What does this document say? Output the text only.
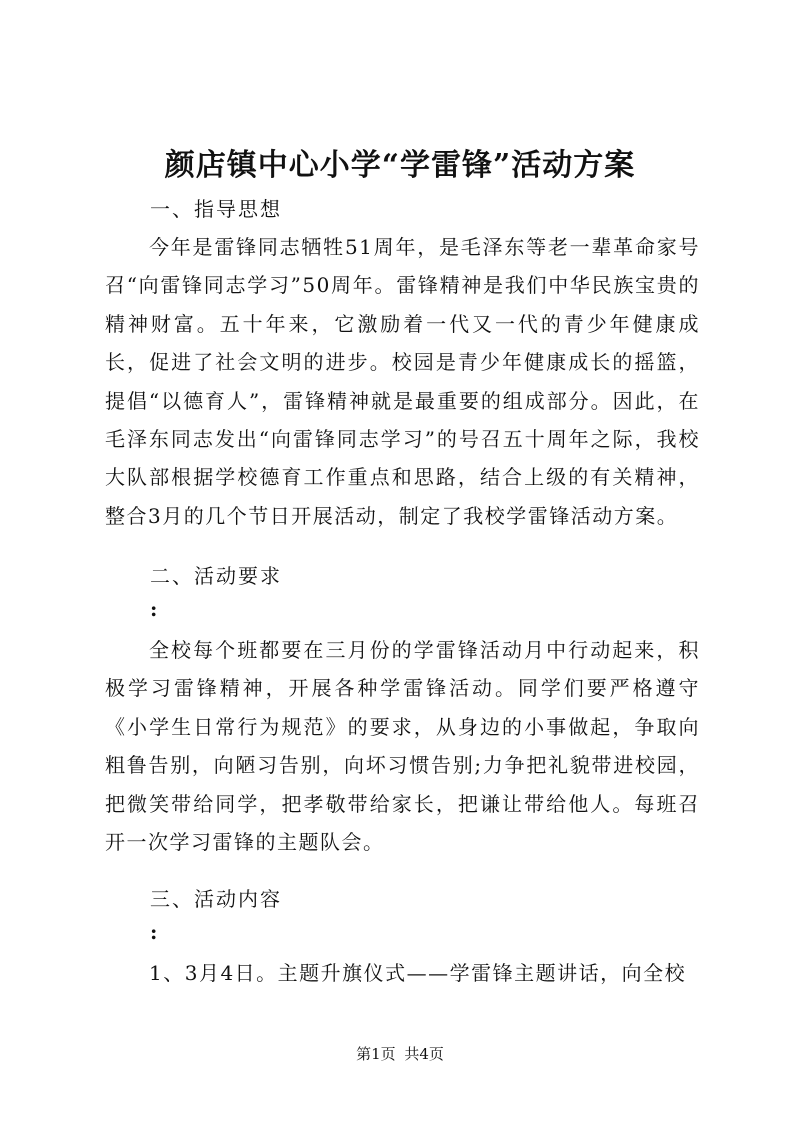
颜店镇中心小学“学雷锋”活动方案
一、指导思想

今年是雷锋同志牺牲51周年，是毛泽东等老一辈革命家号召“向雷锋同志学习”50周年。雷锋精神是我们中华民族宝贵的精神财富。五十年来，它激励着一代又一代的青少年健康成长，促进了社会文明的进步。校园是青少年健康成长的摇篮，提倡“以德育人”，雷锋精神就是最重要的组成部分。因此，在毛泽东同志发出“向雷锋同志学习”的号召五十周年之际，我校大队部根据学校德育工作重点和思路，结合上级的有关精神，整合3月的几个节日开展活动，制定了我校学雷锋活动方案。

二、活动要求
:

全校每个班都要在三月份的学雷锋活动月中行动起来，积极学习雷锋精神，开展各种学雷锋活动。同学们要严格遵守《小学生日常行为规范》的要求，从身边的小事做起，争取向粗鲁告别，向陋习告别，向坏习惯告别;力争把礼貌带进校园，把微笑带给同学，把孝敬带给家长，把谦让带给他人。每班召开一次学习雷锋的主题队会。

三、活动内容
:

1、3月4日。主题升旗仪式——学雷锋主题讲话，向全校

第1页 共4页
